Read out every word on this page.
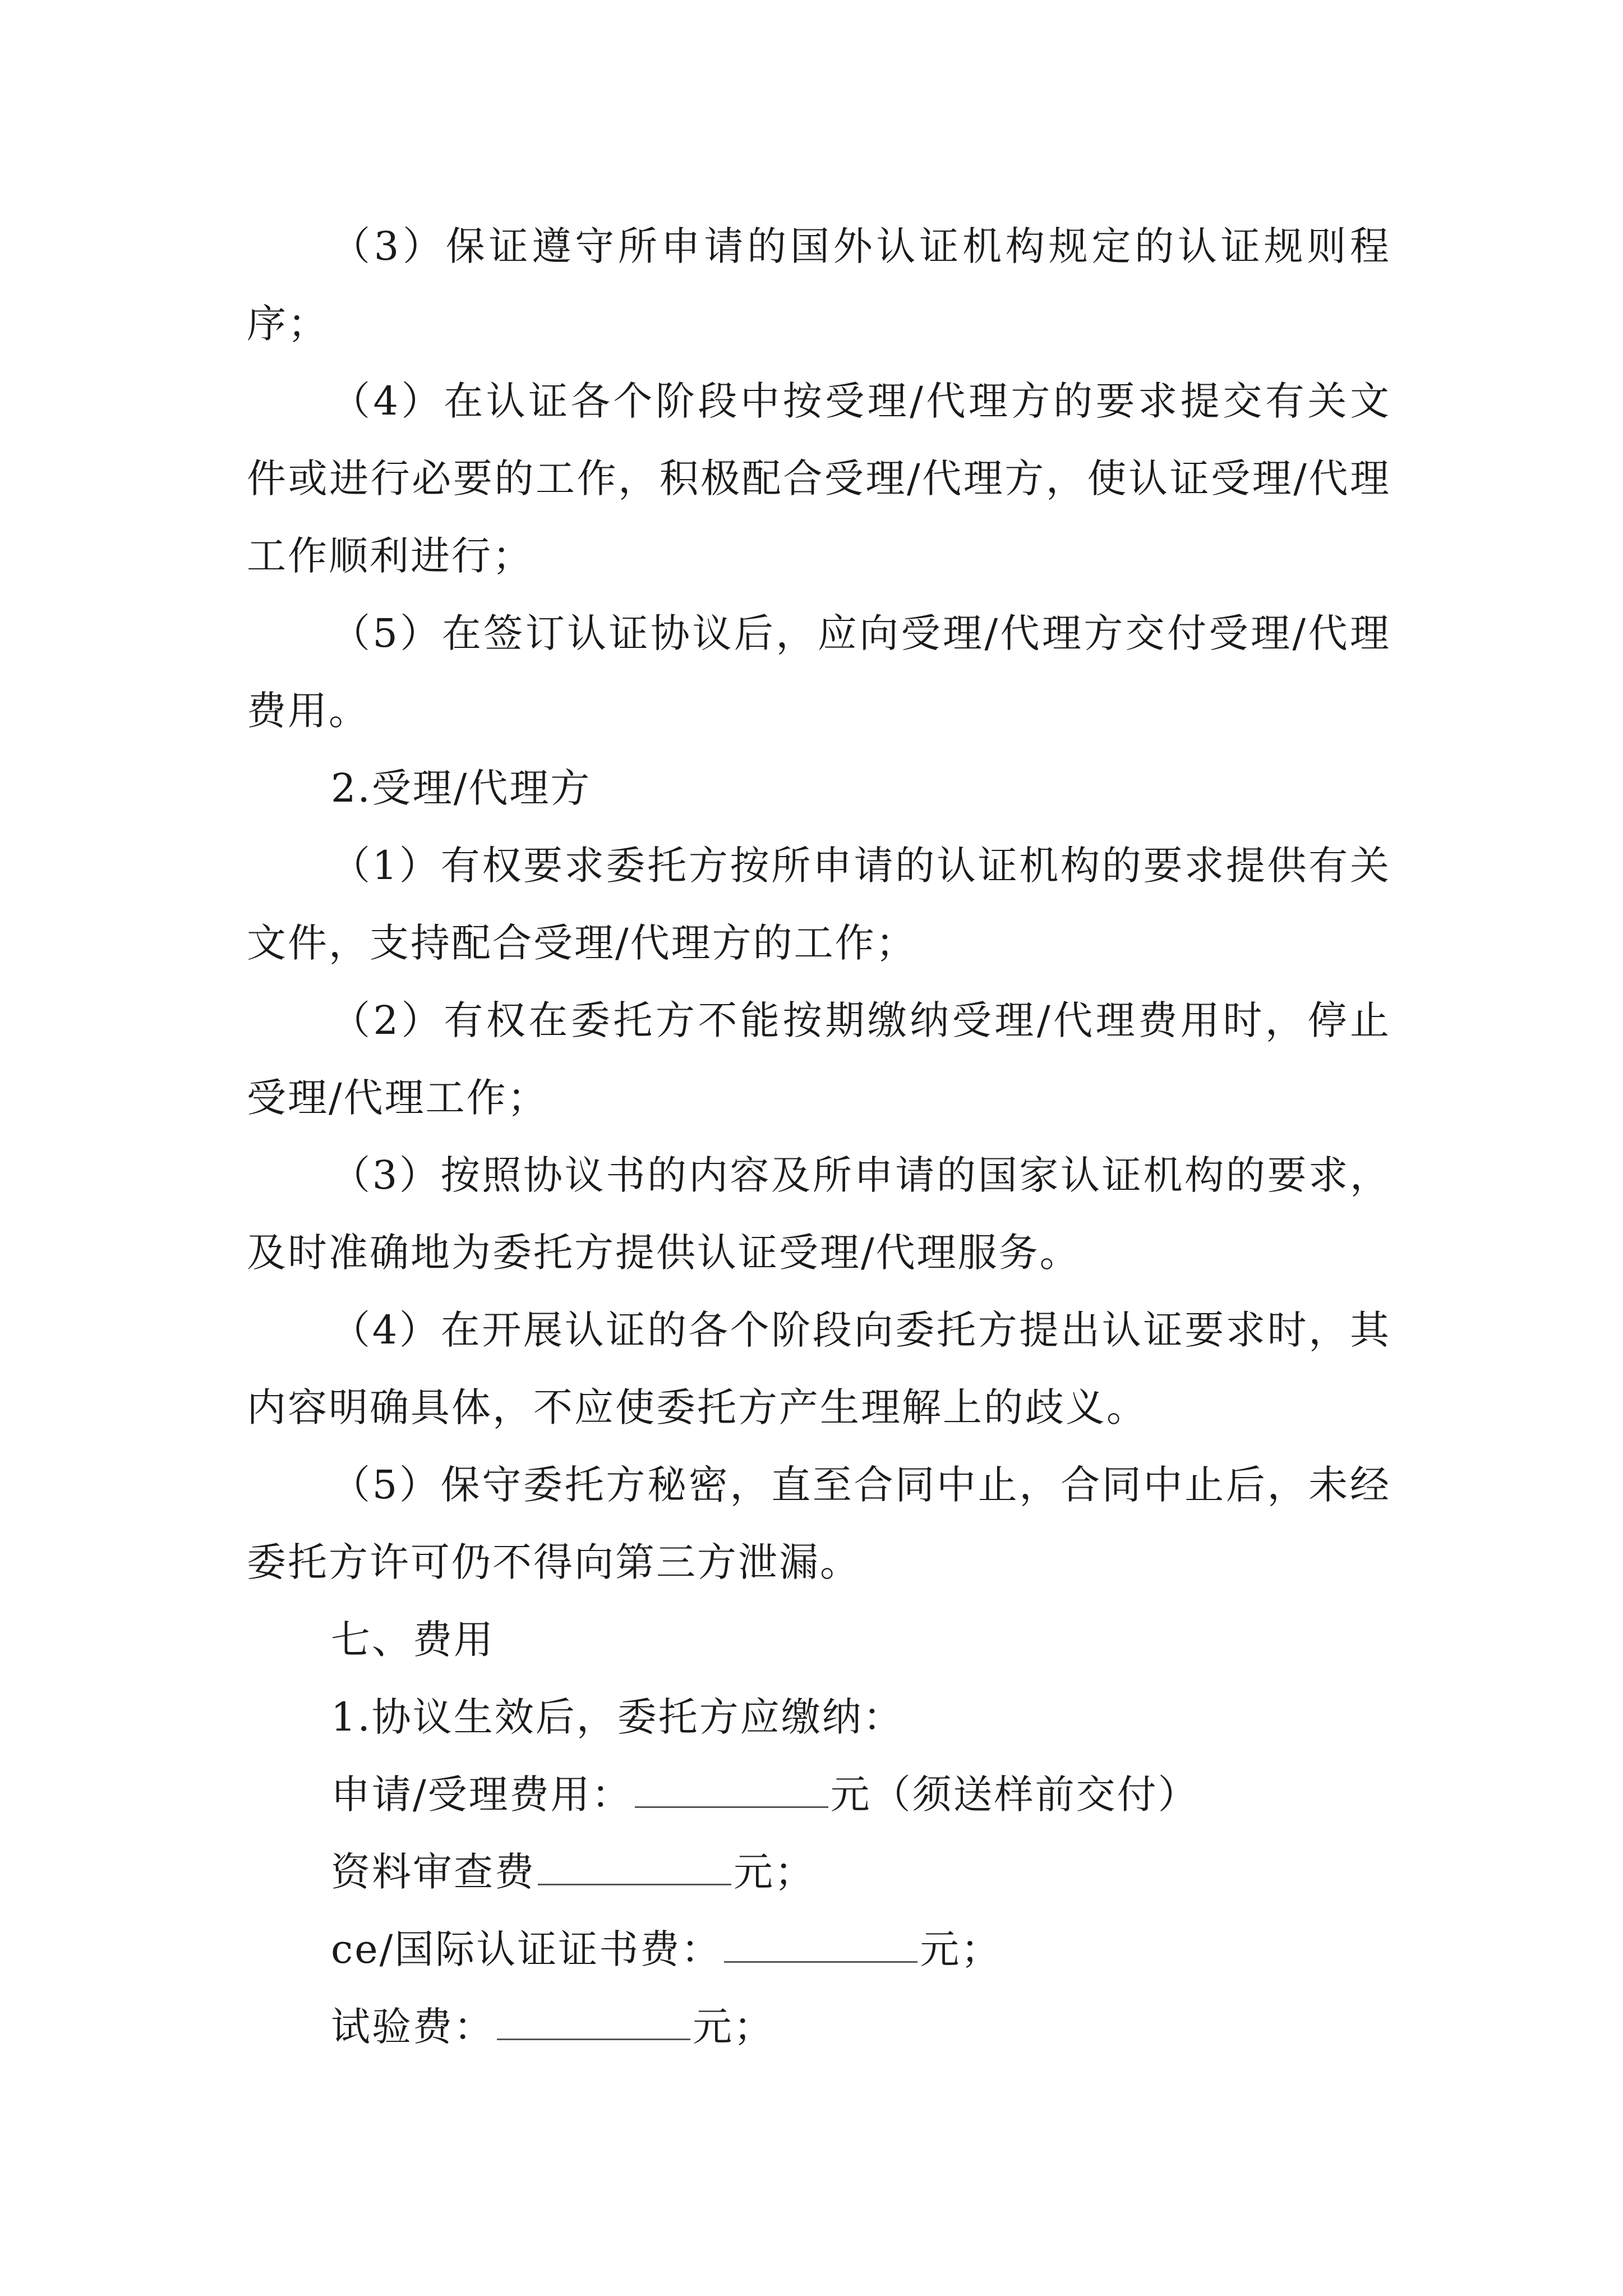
（3）保证遵守所申请的国外认证机构规定的认证规则程序；

（4）在认证各个阶段中按受理/代理方的要求提交有关文件或进行必要的工作，积极配合受理/代理方，使认证受理/代理工作顺利进行；

（5）在签订认证协议后，应向受理/代理方交付受理/代理费用。

2.受理/代理方

（1）有权要求委托方按所申请的认证机构的要求提供有关文件，支持配合受理/代理方的工作；

（2）有权在委托方不能按期缴纳受理/代理费用时，停止受理/代理工作；

（3）按照协议书的内容及所申请的国家认证机构的要求，及时准确地为委托方提供认证受理/代理服务。

（4）在开展认证的各个阶段向委托方提出认证要求时，其内容明确具体，不应使委托方产生理解上的歧义。

（5）保守委托方秘密，直至合同中止，合同中止后，未经委托方许可仍不得向第三方泄漏。

七、费用

1.协议生效后，委托方应缴纳：

申请/受理费用：	元（须送样前交付）

资料审查费	元；

ce/国际认证证书费：	元；

试验费：	元；
